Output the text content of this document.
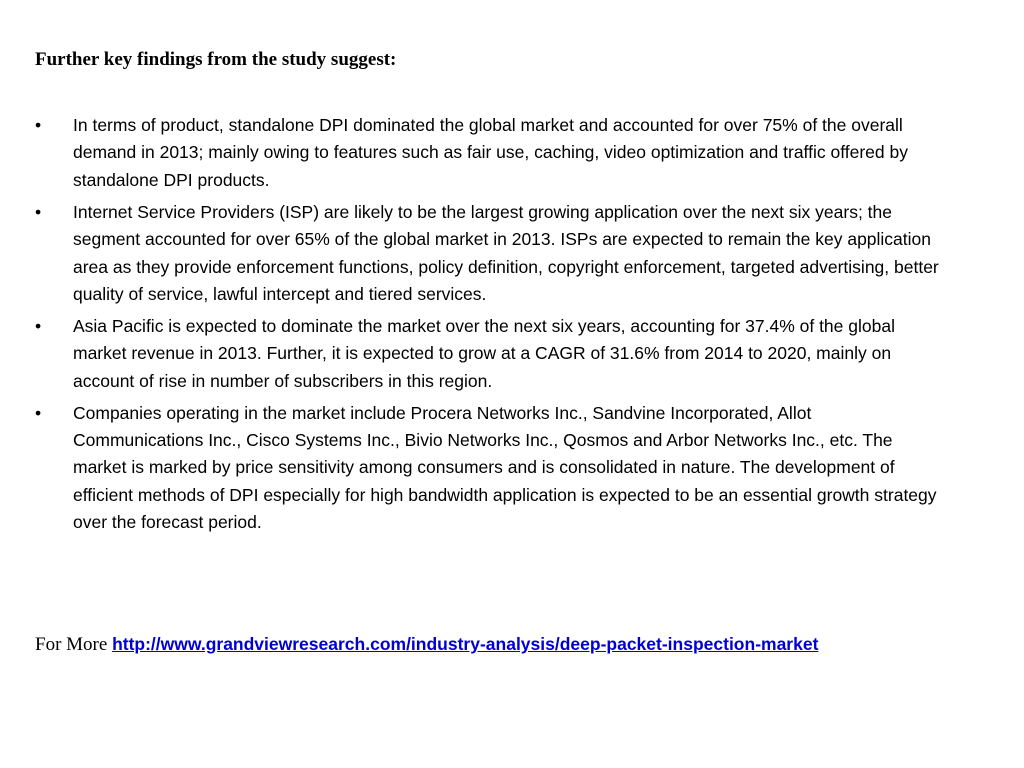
Further key findings from the study suggest:

•	In terms of product, standalone DPI dominated the global market and accounted for over 75% of the overall demand in 2013; mainly owing to features such as fair use, caching, video optimization and traffic offered by standalone DPI products.
•	Internet Service Providers (ISP) are likely to be the largest growing application over the next six years; the segment accounted for over 65% of the global market in 2013. ISPs are expected to remain the key application area as they provide enforcement functions, policy definition, copyright enforcement, targeted advertising, better quality of service, lawful intercept and tiered services.
•	Asia Pacific is expected to dominate the market over the next six years, accounting for 37.4% of the global market revenue in 2013. Further, it is expected to grow at a CAGR of 31.6% from 2014 to 2020, mainly on account of rise in number of subscribers in this region.
•	Companies operating in the market include Procera Networks Inc., Sandvine Incorporated, Allot Communications Inc., Cisco Systems Inc., Bivio Networks Inc., Qosmos and Arbor Networks Inc., etc. The market is marked by price sensitivity among consumers and is consolidated in nature. The development of efficient methods of DPI especially for high bandwidth application is expected to be an essential growth strategy over the forecast period.

For More http://www.grandviewresearch.com/industry-analysis/deep-packet-inspection-market
